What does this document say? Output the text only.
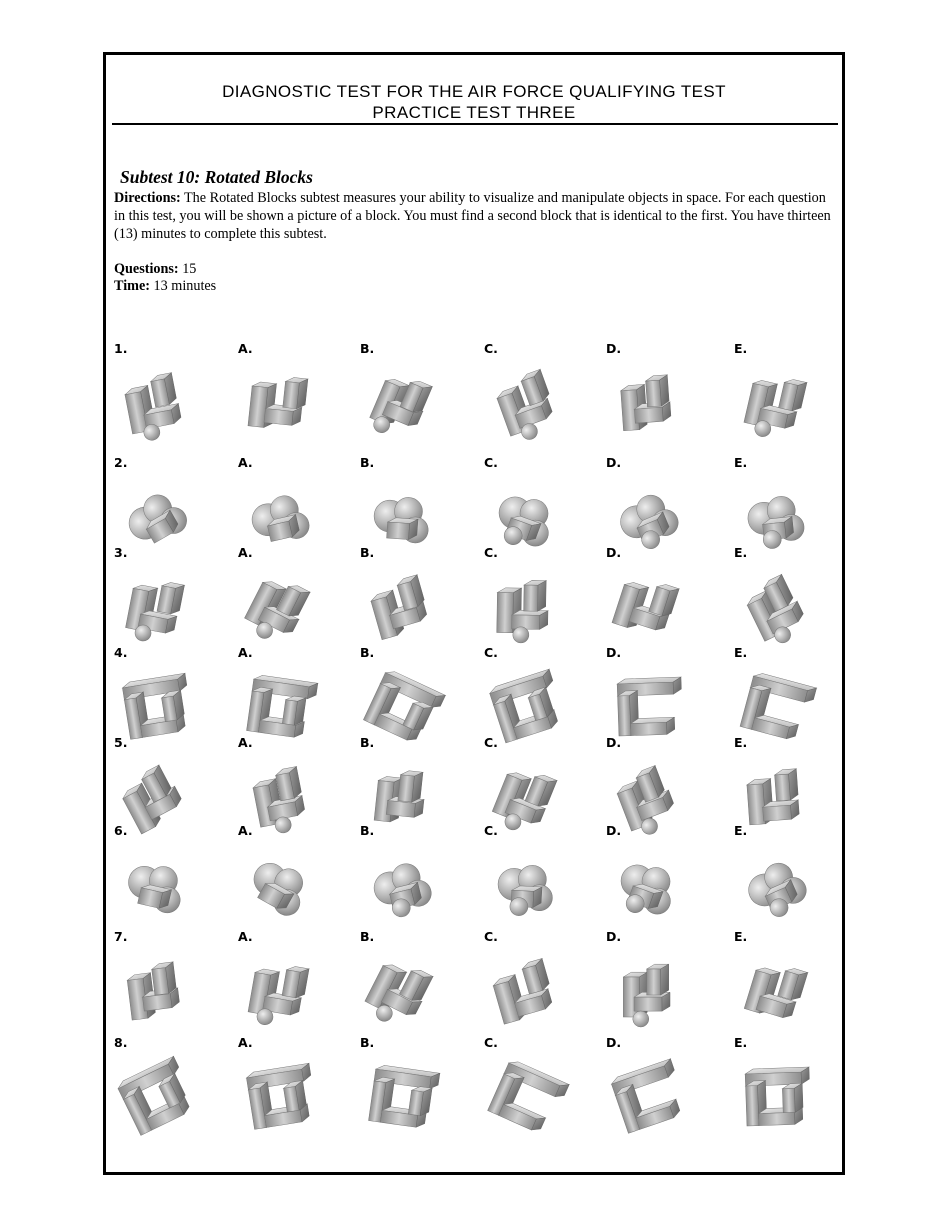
DIAGNOSTIC TEST FOR THE AIR FORCE QUALIFYING TEST
PRACTICE TEST THREE
Subtest 10: Rotated Blocks
Directions: The Rotated Blocks subtest measures your ability to visualize and manipulate objects in space. For each question in this test, you will be shown a picture of a block. You must find a second block that is identical to the first. You have thirteen (13) minutes to complete this subtest.
Questions: 15
Time: 13 minutes
1.	A.	B.	C.	D.	E.
2.	A.	B.	C.	D.	E.
3.	A.	B.	C.	D.	E.
4.	A.	B.	C.	D.	E.
5.	A.	B.	C.	D.	E.
6.	A.	B.	C.	D.	E.
7.	A.	B.	C.	D.	E.
8.	A.	B.	C.	D.	E.
